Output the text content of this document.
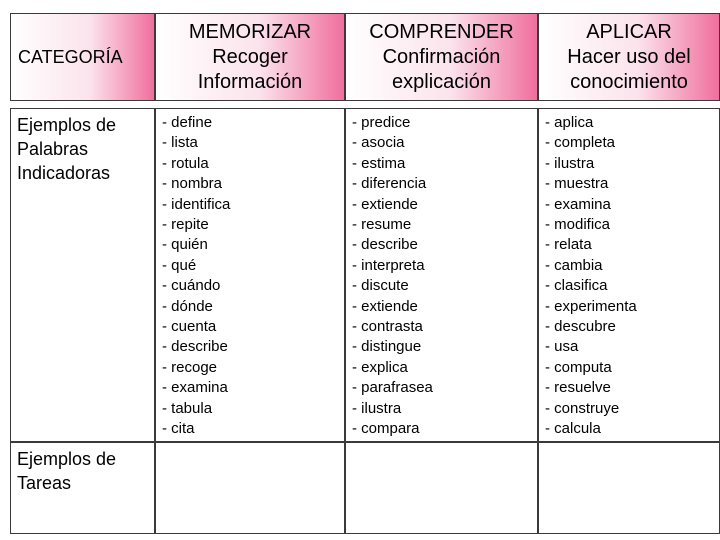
CATEGORÍA
MEMORIZAR
Recoger
Información
COMPRENDER
Confirmación
explicación
APLICAR
Hacer uso del
conocimiento
Ejemplos de
Palabras
Indicadoras
- define
- lista
- rotula
- nombra
- identifica
- repite
- quién
- qué
- cuándo
- dónde
- cuenta
- describe
- recoge
- examina
- tabula
- cita
- predice
- asocia
- estima
- diferencia
- extiende
- resume
- describe
- interpreta
- discute
- extiende
- contrasta
- distingue
- explica
- parafrasea
- ilustra
- compara
- aplica
- completa
- ilustra
- muestra
- examina
- modifica
- relata
- cambia
- clasifica
- experimenta
- descubre
- usa
- computa
- resuelve
- construye
- calcula
Ejemplos de
Tareas
